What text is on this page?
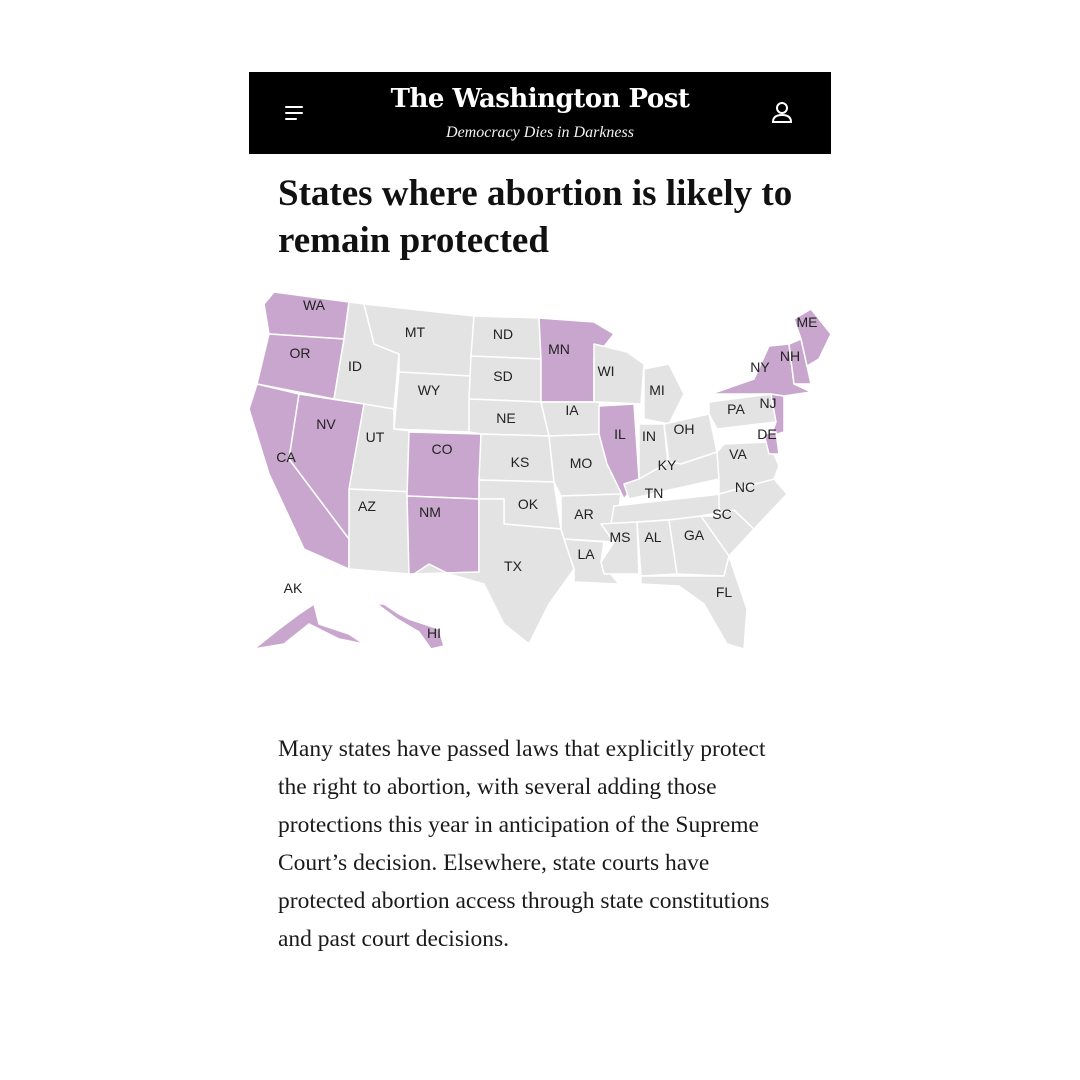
The Washington Post
Democracy Dies in Darkness
States where abortion is likely to remain protected
WA
OR
CA
NV
ID
MT
WY
UT
AZ
CO
NM
ND
SD
NE
KS
OK
TX
MN
IA
MO
AR
LA
WI
IL
MI
IN OH
KY
TN
MS AL GA
FL
SC
NC
VA
PA NJ
DE
NY
NH
ME
AK
HI

Many states have passed laws that explicitly protect the right to abortion, with several adding those protections this year in anticipation of the Supreme Court’s decision. Elsewhere, state courts have protected abortion access through state constitutions and past court decisions.
